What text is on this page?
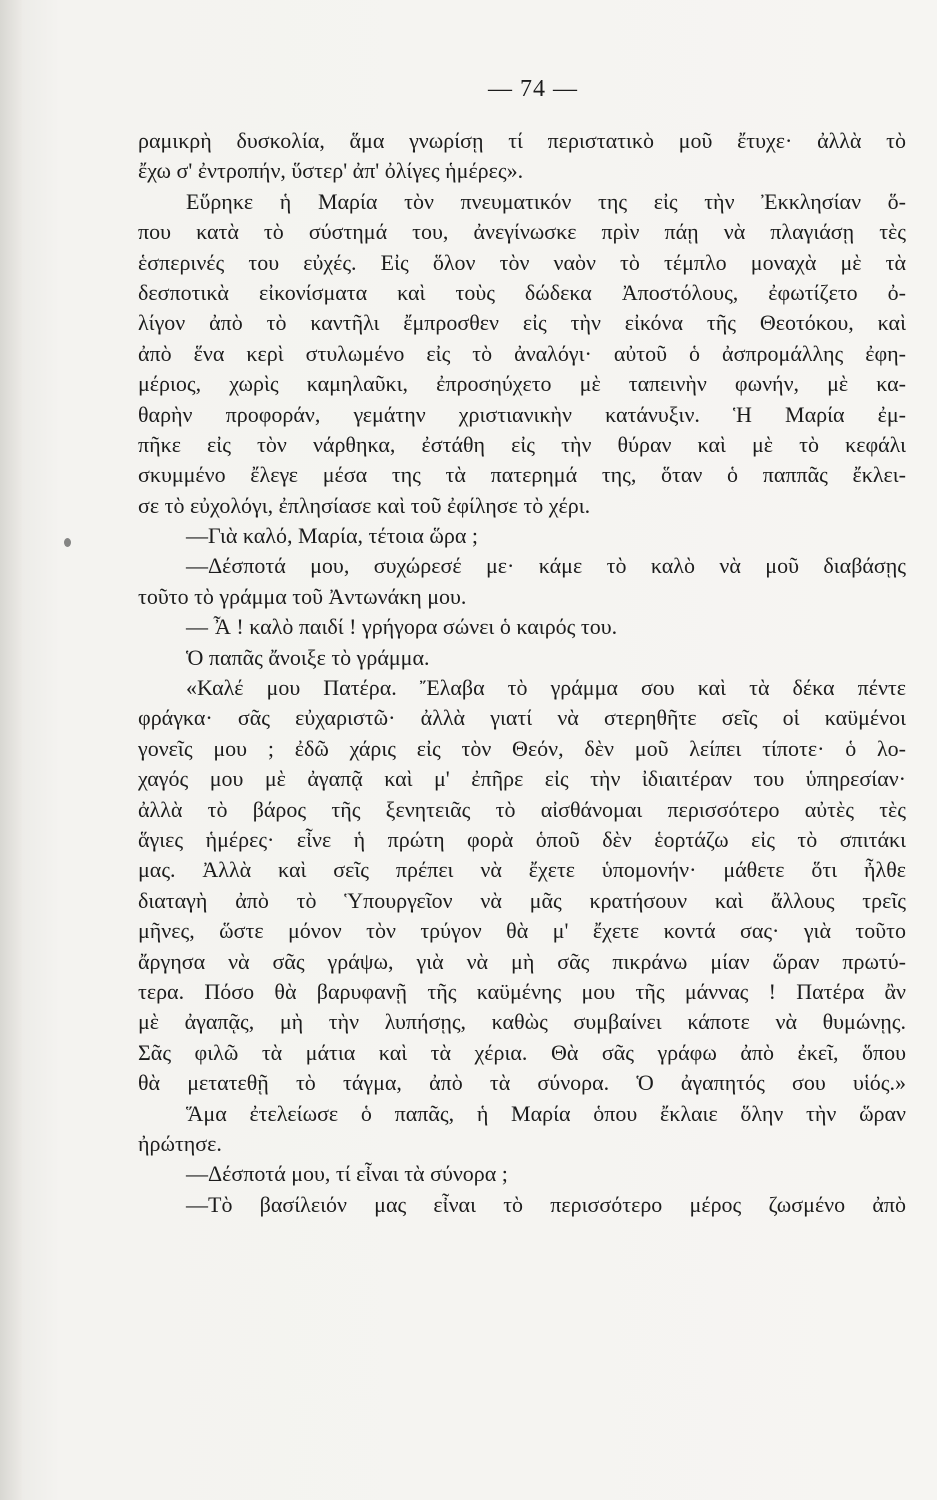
— 74 —
ραμικρὴ δυσκολία, ἅμα γνωρίσῃ τί περιστατικὸ μοῦ ἔτυχε· ἀλλὰ τὸ
ἔχω σ' ἐντροπήν, ὕστερ' ἀπ' ὀλίγες ἡμέρες».
Εὕρηκε ἡ Μαρία τὸν πνευματικόν της εἰς τὴν Ἐκκλησίαν ὅ-
που κατὰ τὸ σύστημά του, ἀνεγίνωσκε πρὶν πάῃ νὰ πλαγιάσῃ τὲς
ἑσπερινές του εὐχές. Εἰς ὅλον τὸν ναὸν τὸ τέμπλο μοναχὰ μὲ τὰ
δεσποτικὰ εἰκονίσματα καὶ τοὺς δώδεκα Ἀποστόλους, ἐφωτίζετο ὀ-
λίγον ἀπὸ τὸ καντῆλι ἔμπροσθεν εἰς τὴν εἰκόνα τῆς Θεοτόκου, καὶ
ἀπὸ ἕνα κερὶ στυλωμένο εἰς τὸ ἀναλόγι· αὐτοῦ ὁ ἀσπρομάλλης ἐφη-
μέριος, χωρὶς καμηλαῦκι, ἐπροσηύχετο μὲ ταπεινὴν φωνήν, μὲ κα-
θαρὴν προφοράν, γεμάτην χριστιανικὴν κατάνυξιν. Ἡ Μαρία ἐμ-
πῆκε εἰς τὸν νάρθηκα, ἐστάθη εἰς τὴν θύραν καὶ μὲ τὸ κεφάλι
σκυμμένο ἔλεγε μέσα της τὰ πατερημά της, ὅταν ὁ παππᾶς ἔκλει-
σε τὸ εὐχολόγι, ἐπλησίασε καὶ τοῦ ἐφίλησε τὸ χέρι.
—Γιὰ καλό, Μαρία, τέτοια ὥρα ;
—Δέσποτά μου, συχώρεσέ με· κάμε τὸ καλὸ νὰ μοῦ διαβάσῃς
τοῦτο τὸ γράμμα τοῦ Ἀντωνάκη μου.
— Ἆ ! καλὸ παιδί ! γρήγορα σώνει ὁ καιρός του.
Ὁ παπᾶς ἄνοιξε τὸ γράμμα.
«Καλέ μου Πατέρα. Ἔλαβα τὸ γράμμα σου καὶ τὰ δέκα πέντε
φράγκα· σᾶς εὐχαριστῶ· ἀλλὰ γιατί νὰ στερηθῆτε σεῖς οἱ καϋμένοι
γονεῖς μου ; ἐδῶ χάρις εἰς τὸν Θεόν, δὲν μοῦ λείπει τίποτε· ὁ λο-
χαγός μου μὲ ἀγαπᾷ καὶ μ' ἐπῆρε εἰς τὴν ἰδιαιτέραν του ὑπηρεσίαν·
ἀλλὰ τὸ βάρος τῆς ξενητειᾶς τὸ αἰσθάνομαι περισσότερο αὐτὲς τὲς
ἅγιες ἡμέρες· εἶνε ἡ πρώτη φορὰ ὁποῦ δὲν ἑορτάζω εἰς τὸ σπιτάκι
μας. Ἀλλὰ καὶ σεῖς πρέπει νὰ ἔχετε ὑπομονήν· μάθετε ὅτι ἦλθε
διαταγὴ ἀπὸ τὸ Ὑπουργεῖον νὰ μᾶς κρατήσουν καὶ ἄλλους τρεῖς
μῆνες, ὥστε μόνον τὸν τρύγον θὰ μ' ἔχετε κοντά σας· γιὰ τοῦτο
ἄργησα νὰ σᾶς γράψω, γιὰ νὰ μὴ σᾶς πικράνω μίαν ὥραν πρωτύ-
τερα. Πόσο θὰ βαρυφανῇ τῆς καϋμένης μου τῆς μάννας ! Πατέρα ἂν
μὲ ἀγαπᾷς, μὴ τὴν λυπήσῃς, καθὼς συμβαίνει κάποτε νὰ θυμώνῃς.
Σᾶς φιλῶ τὰ μάτια καὶ τὰ χέρια. Θὰ σᾶς γράφω ἀπὸ ἐκεῖ, ὅπου
θὰ μετατεθῇ τὸ τάγμα, ἀπὸ τὰ σύνορα. Ὁ ἀγαπητός σου υἱός.»
Ἅμα ἐτελείωσε ὁ παπᾶς, ἡ Μαρία ὁπου ἔκλαιε ὅλην τὴν ὥραν
ἠρώτησε.
—Δέσποτά μου, τί εἶναι τὰ σύνορα ;
—Τὸ βασίλειόν μας εἶναι τὸ περισσότερο μέρος ζωσμένο ἀπὸ
